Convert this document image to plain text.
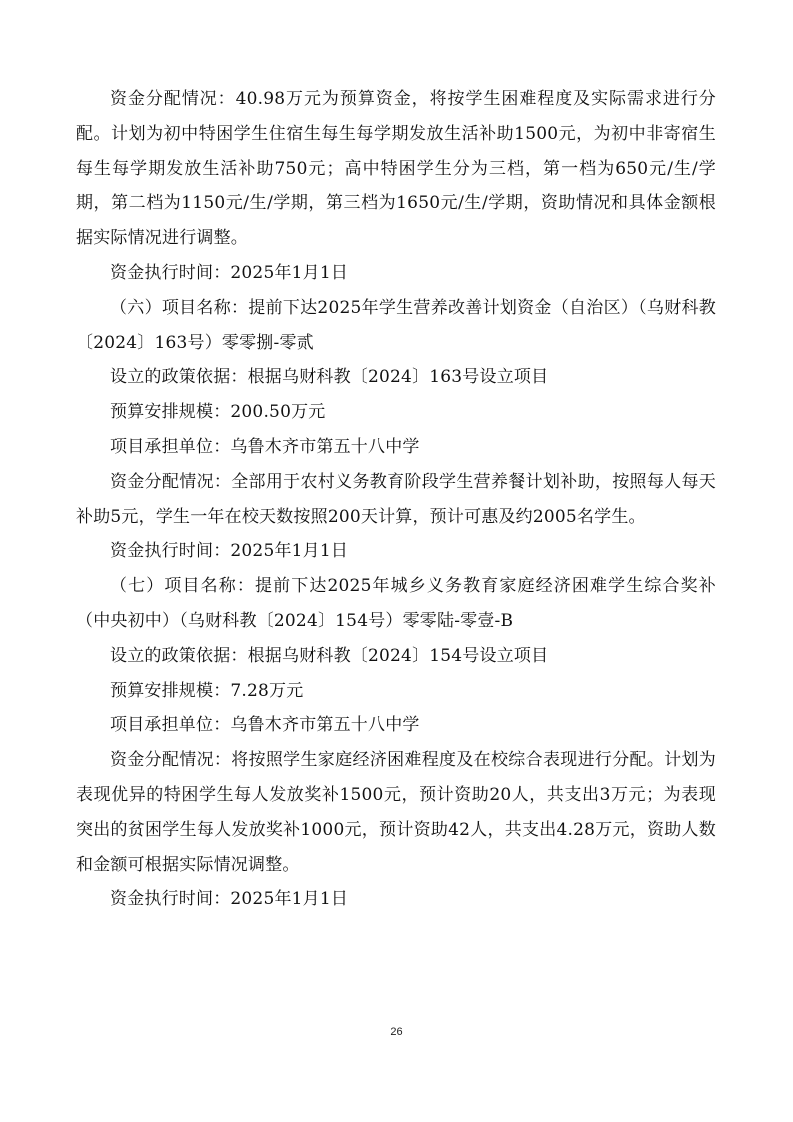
资金分配情况：40.98万元为预算资金，将按学生困难程度及实际需求进行分配。计划为初中特困学生住宿生每生每学期发放生活补助1500元，为初中非寄宿生每生每学期发放生活补助750元；高中特困学生分为三档，第一档为650元/生/学期，第二档为1150元/生/学期，第三档为1650元/生/学期，资助情况和具体金额根据实际情况进行调整。

资金执行时间：2025年1月1日

（六）项目名称：提前下达2025年学生营养改善计划资金（自治区）（乌财科教〔2024〕163号）零零捌-零贰

设立的政策依据：根据乌财科教〔2024〕163号设立项目

预算安排规模：200.50万元

项目承担单位：乌鲁木齐市第五十八中学

资金分配情况：全部用于农村义务教育阶段学生营养餐计划补助，按照每人每天补助5元，学生一年在校天数按照200天计算，预计可惠及约2005名学生。

资金执行时间：2025年1月1日

（七）项目名称：提前下达2025年城乡义务教育家庭经济困难学生综合奖补（中央初中）（乌财科教〔2024〕154号）零零陆-零壹-B

设立的政策依据：根据乌财科教〔2024〕154号设立项目

预算安排规模：7.28万元

项目承担单位：乌鲁木齐市第五十八中学

资金分配情况：将按照学生家庭经济困难程度及在校综合表现进行分配。计划为表现优异的特困学生每人发放奖补1500元，预计资助20人，共支出3万元；为表现突出的贫困学生每人发放奖补1000元，预计资助42人，共支出4.28万元，资助人数和金额可根据实际情况调整。

资金执行时间：2025年1月1日

26
